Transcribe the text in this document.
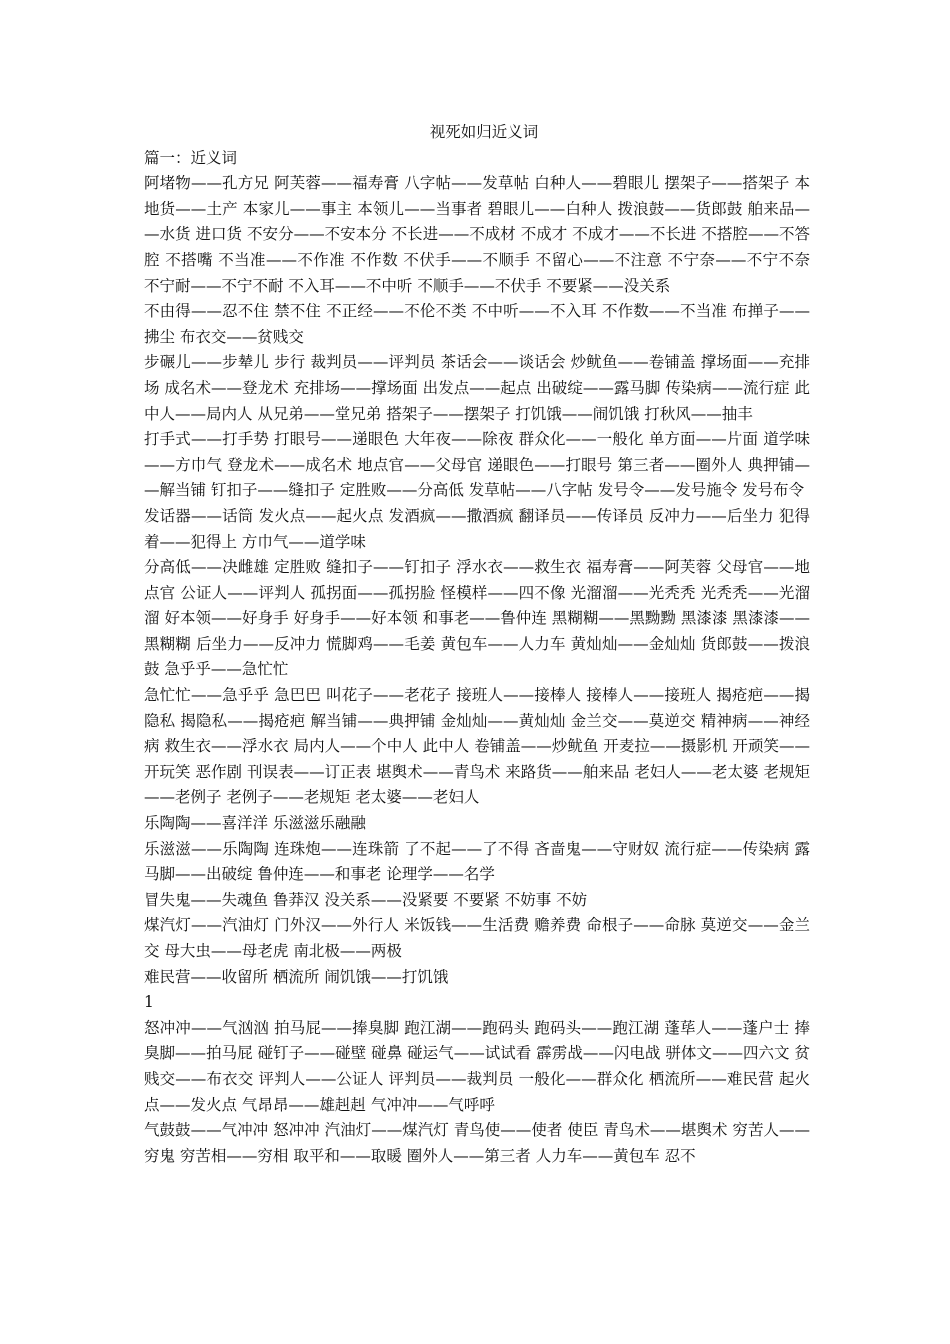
视死如归近义词

篇一：近义词

阿堵物——孔方兄 阿芙蓉——福寿膏 八字帖——发草帖 白种人——碧眼儿 摆架子——搭架子 本地货——土产 本家儿——事主 本领儿——当事者 碧眼儿——白种人 拨浪鼓——货郎鼓 舶来品——水货 进口货 不安分——不安本分 不长进——不成材 不成才 不成才——不长进 不搭腔——不答腔 不搭嘴 不当准——不作准 不作数 不伏手——不顺手 不留心——不注意 不宁奈——不宁不奈 不宁耐——不宁不耐 不入耳——不中听 不顺手——不伏手 不要紧——没关系

不由得——忍不住 禁不住 不正经——不伦不类 不中听——不入耳 不作数——不当准 布掸子——拂尘 布衣交——贫贱交

步碾儿——步辇儿 步行 裁判员——评判员 茶话会——谈话会 炒鱿鱼——卷铺盖 撑场面——充排场 成名术——登龙术 充排场——撑场面 出发点——起点 出破绽——露马脚 传染病——流行症 此中人——局内人 从兄弟——堂兄弟 搭架子——摆架子 打饥饿——闹饥饿 打秋风——抽丰

打手式——打手势 打眼号——递眼色 大年夜——除夜 群众化——一般化 单方面——片面 道学味——方巾气 登龙术——成名术 地点官——父母官 递眼色——打眼号 第三者——圈外人 典押铺——解当铺 钉扣子——缝扣子 定胜败——分高低 发草帖——八字帖 发号令——发号施令 发号布令

发话器——话筒 发火点——起火点 发酒疯——撒酒疯 翻译员——传译员 反冲力——后坐力 犯得着——犯得上 方巾气——道学味

分高低——决雌雄 定胜败 缝扣子——钉扣子 浮水衣——救生衣 福寿膏——阿芙蓉 父母官——地点官 公证人——评判人 孤拐面——孤拐脸 怪模样——四不像 光溜溜——光秃秃 光秃秃——光溜溜 好本领——好身手 好身手——好本领 和事老——鲁仲连 黑糊糊——黑黝黝 黑漆漆 黑漆漆——黑糊糊 后坐力——反冲力 慌脚鸡——毛姜 黄包车——人力车 黄灿灿——金灿灿 货郎鼓——拨浪鼓 急乎乎——急忙忙

急忙忙——急乎乎 急巴巴 叫花子——老花子 接班人——接棒人 接棒人——接班人 揭疮疤——揭隐私 揭隐私——揭疮疤 解当铺——典押铺 金灿灿——黄灿灿 金兰交——莫逆交 精神病——神经病 救生衣——浮水衣 局内人——个中人 此中人 卷铺盖——炒鱿鱼 开麦拉——摄影机 开顽笑——开玩笑 恶作剧 刊误表——订正表 堪舆术——青鸟术 来路货——舶来品 老妇人——老太婆 老规矩——老例子 老例子——老规矩 老太婆——老妇人

乐陶陶——喜洋洋 乐滋滋乐融融

乐滋滋——乐陶陶 连珠炮——连珠箭 了不起——了不得 吝啬鬼——守财奴 流行症——传染病 露马脚——出破绽 鲁仲连——和事老 论理学——名学

冒失鬼——失魂鱼 鲁莽汉 没关系——没紧要 不要紧 不妨事 不妨

煤汽灯——汽油灯 门外汉——外行人 米饭钱——生活费 赡养费 命根子——命脉 莫逆交——金兰交 母大虫——母老虎 南北极——两极

难民营——收留所 栖流所 闹饥饿——打饥饿

1

怒冲冲——气汹汹 拍马屁——捧臭脚 跑江湖——跑码头 跑码头——跑江湖 蓬荜人——蓬户士 捧臭脚——拍马屁 碰钉子——碰壁 碰鼻 碰运气——试试看 霹雳战——闪电战 骈体文——四六文 贫贱交——布衣交 评判人——公证人 评判员——裁判员 一般化——群众化 栖流所——难民营 起火点——发火点 气昂昂——雄赳赳 气冲冲——气呼呼

气鼓鼓——气冲冲 怒冲冲 汽油灯——煤汽灯 青鸟使——使者 使臣 青鸟术——堪舆术 穷苦人——穷鬼 穷苦相——穷相 取平和——取暖 圈外人——第三者 人力车——黄包车 忍不
